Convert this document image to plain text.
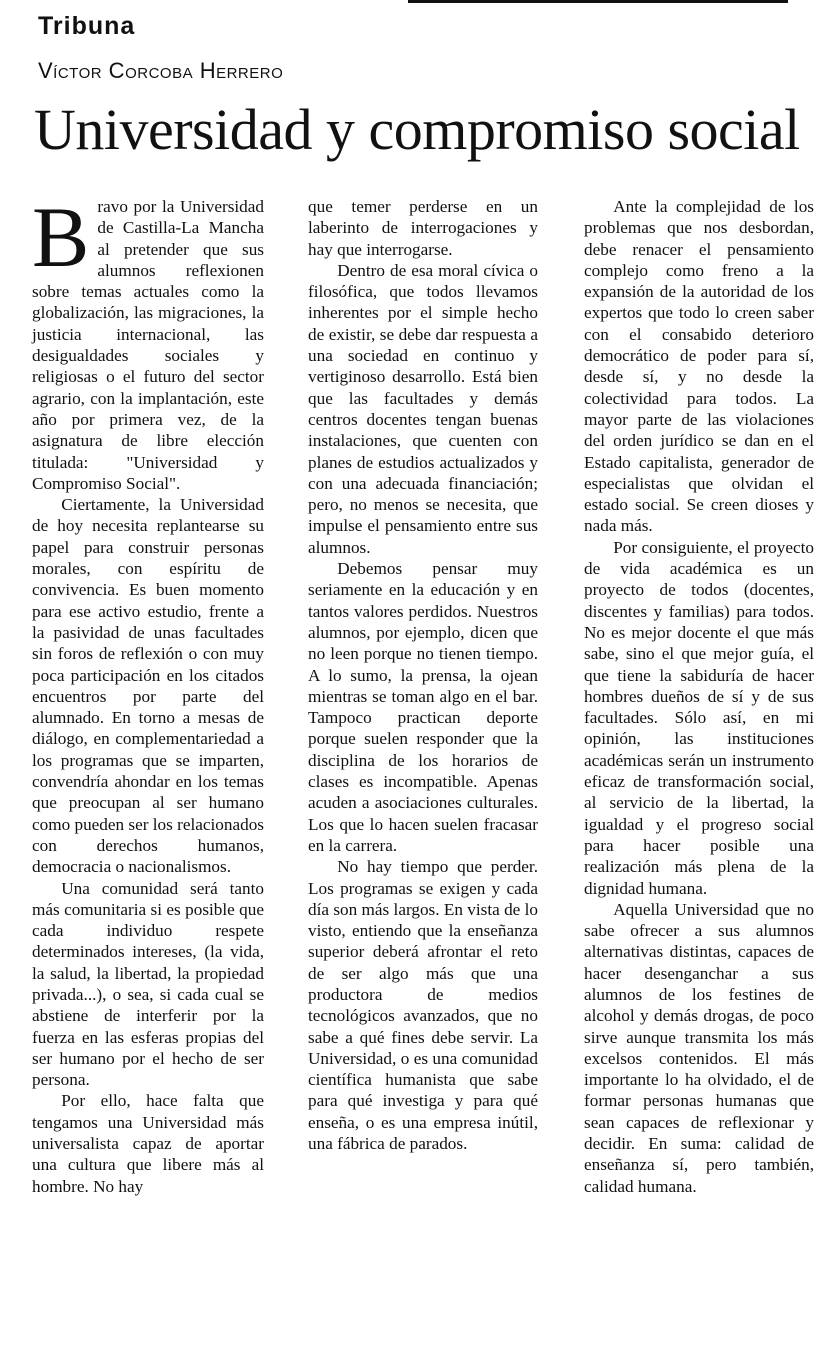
Tribuna
Víctor Corcoba Herrero
Universidad y compromiso social

Bravo por la Universidad de Castilla-La Mancha al pretender que sus alumnos reflexionen sobre temas actuales como la globalización, las migraciones, la justicia internacional, las desigualdades sociales y religiosas o el futuro del sector agrario, con la implantación, este año por primera vez, de la asignatura de libre elección titulada: "Universidad y Compromiso Social".

Ciertamente, la Universidad de hoy necesita replantearse su papel para construir personas morales, con espíritu de convivencia. Es buen momento para ese activo estudio, frente a la pasividad de unas facultades sin foros de reflexión o con muy poca participación en los citados encuentros por parte del alumnado. En torno a mesas de diálogo, en complementariedad a los programas que se imparten, convendría ahondar en los temas que preocupan al ser humano como pueden ser los relacionados con derechos humanos, democracia o nacionalismos.

Una comunidad será tanto más comunitaria si es posible que cada individuo respete determinados intereses, (la vida, la salud, la libertad, la propiedad privada...), o sea, si cada cual se abstiene de interferir por la fuerza en las esferas propias del ser humano por el hecho de ser persona.

Por ello, hace falta que tengamos una Universidad más universalista capaz de aportar una cultura que libere más al hombre. No hay

que temer perderse en un laberinto de interrogaciones y hay que interrogarse.

Dentro de esa moral cívica o filosófica, que todos llevamos inherentes por el simple hecho de existir, se debe dar respuesta a una sociedad en continuo y vertiginoso desarrollo. Está bien que las facultades y demás centros docentes tengan buenas instalaciones, que cuenten con planes de estudios actualizados y con una adecuada financiación; pero, no menos se necesita, que impulse el pensamiento entre sus alumnos.

Debemos pensar muy seriamente en la educación y en tantos valores perdidos. Nuestros alumnos, por ejemplo, dicen que no leen porque no tienen tiempo. A lo sumo, la prensa, la ojean mientras se toman algo en el bar. Tampoco practican deporte porque suelen responder que la disciplina de los horarios de clases es incompatible. Apenas acuden a asociaciones culturales. Los que lo hacen suelen fracasar en la carrera.

No hay tiempo que perder. Los programas se exigen y cada día son más largos. En vista de lo visto, entiendo que la enseñanza superior deberá afrontar el reto de ser algo más que una productora de medios tecnológicos avanzados, que no sabe a qué fines debe servir. La Universidad, o es una comunidad científica humanista que sabe para qué investiga y para qué enseña, o es una empresa inútil, una fábrica de parados.

Ante la complejidad de los problemas que nos desbordan, debe renacer el pensamiento complejo como freno a la expansión de la autoridad de los expertos que todo lo creen saber con el consabido deterioro democrático de poder para sí, desde sí, y no desde la colectividad para todos. La mayor parte de las violaciones del orden jurídico se dan en el Estado capitalista, generador de especialistas que olvidan el estado social. Se creen dioses y nada más.

Por consiguiente, el proyecto de vida académica es un proyecto de todos (docentes, discentes y familias) para todos. No es mejor docente el que más sabe, sino el que mejor guía, el que tiene la sabiduría de hacer hombres dueños de sí y de sus facultades. Sólo así, en mi opinión, las instituciones académicas serán un instrumento eficaz de transformación social, al servicio de la libertad, la igualdad y el progreso social para hacer posible una realización más plena de la dignidad humana.

Aquella Universidad que no sabe ofrecer a sus alumnos alternativas distintas, capaces de hacer desenganchar a sus alumnos de los festines de alcohol y demás drogas, de poco sirve aunque transmita los más excelsos contenidos. El más importante lo ha olvidado, el de formar personas humanas que sean capaces de reflexionar y decidir. En suma: calidad de enseñanza sí, pero también, calidad humana.
